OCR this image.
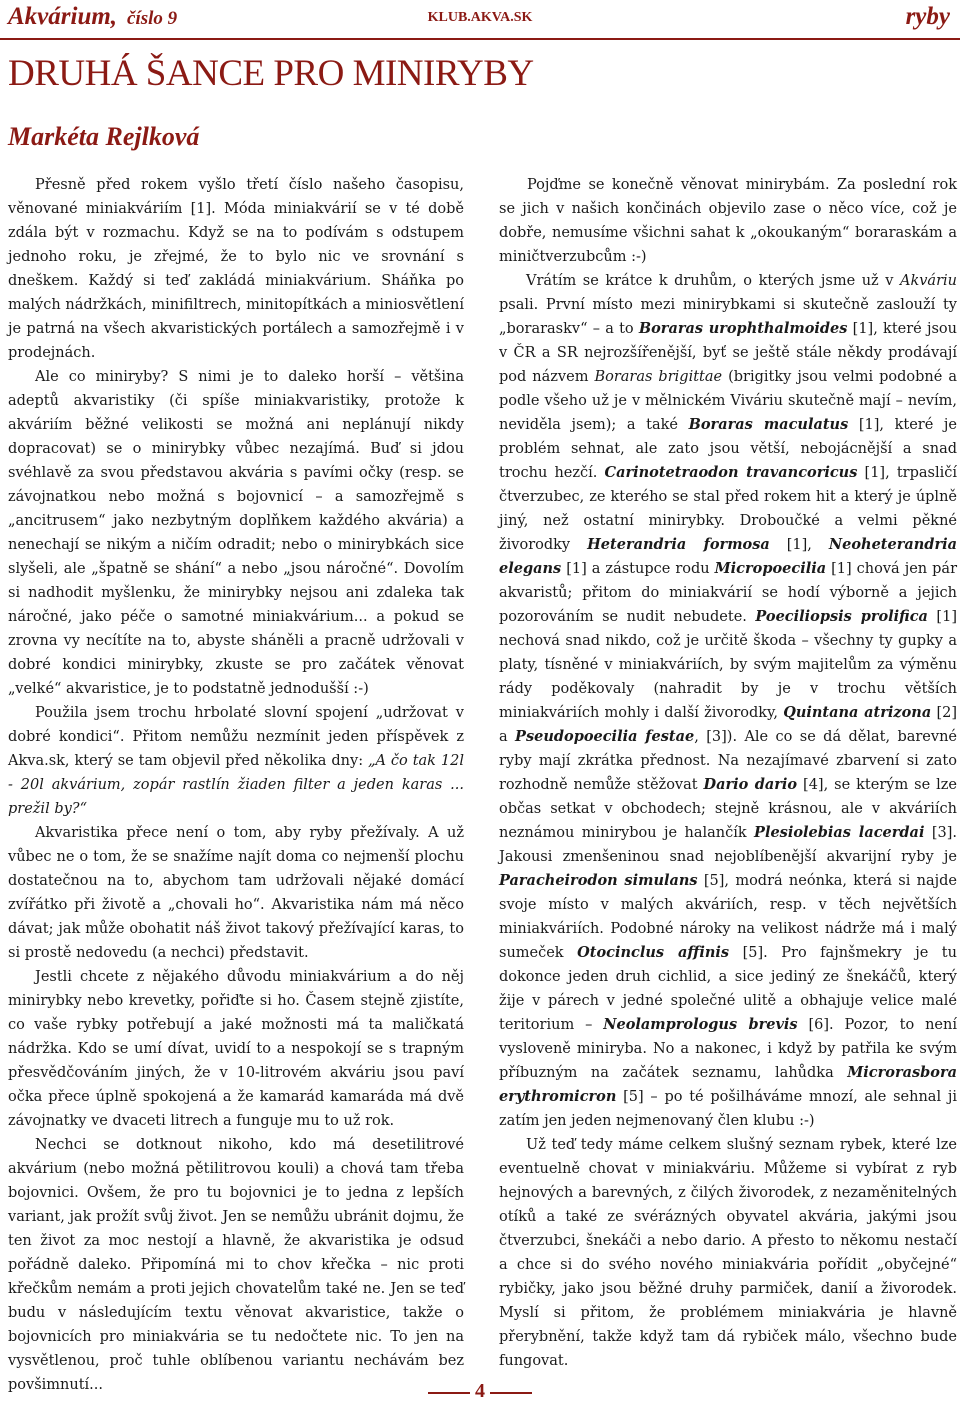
Akvárium, číslo 9	KLUB.AKVA.SK	ryby
DRUHÁ ŠANCE PRO MINIRYBY
Markéta Rejlková

Přesně před rokem vyšlo třetí číslo našeho časopisu, věnované miniakváriím [1]. Móda miniakvárií se v té době zdála být v rozmachu. Když se na to podívám s odstupem jednoho roku, je zřejmé, že to bylo nic ve srovnání s dneškem. Každý si teď zakládá miniakvárium. Sháňka po malých nádržkách, minifiltrech, minitopítkách a miniosvětlení je patrná na všech akvaristických portálech a samozřejmě i v prodejnách.

Ale co miniryby? S nimi je to daleko horší – většina adeptů akvaristiky (či spíše miniakvaristiky, protože k akváriím běžné velikosti se možná ani neplánují nikdy dopracovat) se o minirybky vůbec nezajímá. Buď si jdou svéhlavě za svou představou akvária s pavími očky (resp. se závojnatkou nebo možná s bojovnicí – a samozřejmě s „ancitrusem“ jako nezbytným doplňkem každého akvária) a nenechají se nikým a ničím odradit; nebo o minirybkách sice slyšeli, ale „špatně se shání“ a nebo „jsou náročné“. Dovolím si nadhodit myšlenku, že minirybky nejsou ani zdaleka tak náročné, jako péče o samotné miniakvárium... a pokud se zrovna vy necítíte na to, abyste sháněli a pracně udržovali v dobré kondici minirybky, zkuste se pro začátek věnovat „velké“ akvaristice, je to podstatně jednodušší :-)

Použila jsem trochu hrbolaté slovní spojení „udržovat v dobré kondici“. Přitom nemůžu nezmínit jeden příspěvek z Akva.sk, který se tam objevil před několika dny: „A čo tak 12l - 20l akvárium, zopár rastlín žiaden filter a jeden karas ... prežil by?“

Akvaristika přece není o tom, aby ryby přežívaly. A už vůbec ne o tom, že se snažíme najít doma co nejmenší plochu dostatečnou na to, abychom tam udržovali nějaké domácí zvířátko při životě a „chovali ho“. Akvaristika nám má něco dávat; jak může obohatit náš život takový přežívající karas, to si prostě nedovedu (a nechci) představit.

Jestli chcete z nějakého důvodu miniakvárium a do něj minirybky nebo krevetky, pořiďte si ho. Časem stejně zjistíte, co vaše rybky potřebují a jaké možnosti má ta maličkatá nádržka. Kdo se umí dívat, uvidí to a nespokojí se s trapným přesvědčováním jiných, že v 10-litrovém akváriu jsou paví očka přece úplně spokojená a že kamarád kamaráda má dvě závojnatky ve dvaceti litrech a funguje mu to už rok.

Nechci se dotknout nikoho, kdo má desetilitrové akvárium (nebo možná pětilitrovou kouli) a chová tam třeba bojovnici. Ovšem, že pro tu bojovnici je to jedna z lepších variant, jak prožít svůj život. Jen se nemůžu ubránit dojmu, že ten život za moc nestojí a hlavně, že akvaristika je odsud pořádně daleko. Připomíná mi to chov křečka – nic proti křečkům nemám a proti jejich chovatelům také ne. Jen se teď budu v následujícím textu věnovat akvaristice, takže o bojovnicích pro miniakvária se tu nedočtete nic. To jen na vysvětlenou, proč tuhle oblíbenou variantu nechávám bez povšimnutí...

Pojďme se konečně věnovat minirybám. Za poslední rok se jich v našich končinách objevilo zase o něco více, což je dobře, nemusíme všichni sahat k „okoukaným“ boraraskám a miničtverzubcům :-)

Vrátím se krátce k druhům, o kterých jsme už v Akváriu psali. První místo mezi minirybkami si skutečně zaslouží ty „boraraskv“ – a to Boraras urophthalmoides [1], které jsou v ČR a SR nejrozšířenější, byť se ještě stále někdy prodávají pod názvem Boraras brigittae (brigitky jsou velmi podobné a podle všeho už je v mělnickém Viváriu skutečně mají – nevím, neviděla jsem); a také Boraras maculatus [1], které je problém sehnat, ale zato jsou větší, nebojácnější a snad trochu hezčí. Carinotetraodon travancoricus [1], trpasličí čtverzubec, ze kterého se stal před rokem hit a který je úplně jiný, než ostatní minirybky. Droboučké a velmi pěkné živorodky Heterandria formosa [1], Neoheterandria elegans [1] a zástupce rodu Micropoecilia [1] chová jen pár akvaristů; přitom do miniakvárií se hodí výborně a jejich pozorováním se nudit nebudete. Poeciliopsis prolifica [1] nechová snad nikdo, což je určitě škoda – všechny ty gupky a platy, tísněné v miniakváriích, by svým majitelům za výměnu rády poděkovaly (nahradit by je v trochu větších miniakváriích mohly i další živorodky, Quintana atrizona [2] a Pseudopoecilia festae, [3]). Ale co se dá dělat, barevné ryby mají zkrátka přednost. Na nezajímavé zbarvení si zato rozhodně nemůže stěžovat Dario dario [4], se kterým se lze občas setkat v obchodech; stejně krásnou, ale v akváriích neznámou minirybou je halančík Plesiolebias lacerdai [3]. Jakousi zmenšeninou snad nejoblíbenější akvarijní ryby je Paracheirodon simulans [5], modrá neónka, která si najde svoje místo v malých akváriích, resp. v těch největších miniakváriích. Podobné nároky na velikost nádrže má i malý sumeček Otocinclus affinis [5]. Pro fajnšmekry je tu dokonce jeden druh cichlid, a sice jediný ze šnekáčů, který žije v párech v jedné společné ulitě a obhajuje velice malé teritorium – Neolamprologus brevis [6]. Pozor, to není vysloveně miniryba. No a nakonec, i když by patřila ke svým příbuzným na začátek seznamu, lahůdka Microrasbora erythromicron [5] – po té pošilháváme mnozí, ale sehnal ji zatím jen jeden nejmenovaný člen klubu :-)

Už teď tedy máme celkem slušný seznam rybek, které lze eventuelně chovat v miniakváriu. Můžeme si vybírat z ryb hejnových a barevných, z čilých živorodek, z nezaměnitelných otíků a také ze svérázných obyvatel akvária, jakými jsou čtverzubci, šnekáči a nebo dario. A přesto to někomu nestačí a chce si do svého nového miniakvária pořídit „obyčejné“ rybičky, jako jsou běžné druhy parmiček, danií a živorodek. Myslí si přitom, že problémem miniakvária je hlavně přerybnění, takže když tam dá rybiček málo, všechno bude fungovat.

4
